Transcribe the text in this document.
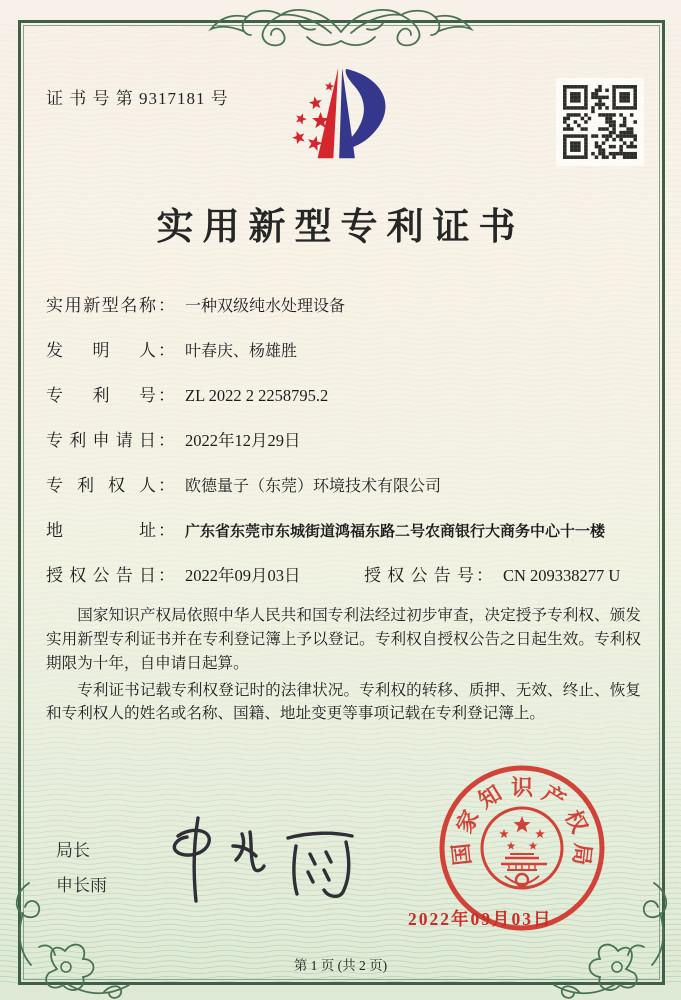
证 书 号 第 9317181 号
实用新型专利证书
实用新型名称 ： 一种双级纯水处理设备
发明人 ： 叶春庆、杨雄胜
专利号 ： ZL 2022 2 2258795.2
专利申请日 ： 2022年12月29日
专利权人 ： 欧德量子（东莞）环境技术有限公司
地址 ： 广东省东莞市东城街道鸿福东路二号农商银行大商务中心十一楼
授权公告日 ： 2022年09月03日	授权公告号 ： CN 209338277 U

国家知识产权局依照中华人民共和国专利法经过初步审查，决定授予专利权、颁发实用新型专利证书并在专利登记簿上予以登记。专利权自授权公告之日起生效。专利权期限为十年，自申请日起算。

专利证书记载专利权登记时的法律状况。专利权的转移、质押、无效、终止、恢复和专利权人的姓名或名称、国籍、地址变更等事项记载在专利登记簿上。

局长
申长雨
国
家
知 识 产
权
局
2022年09月03日
第 1 页 (共 2 页)
